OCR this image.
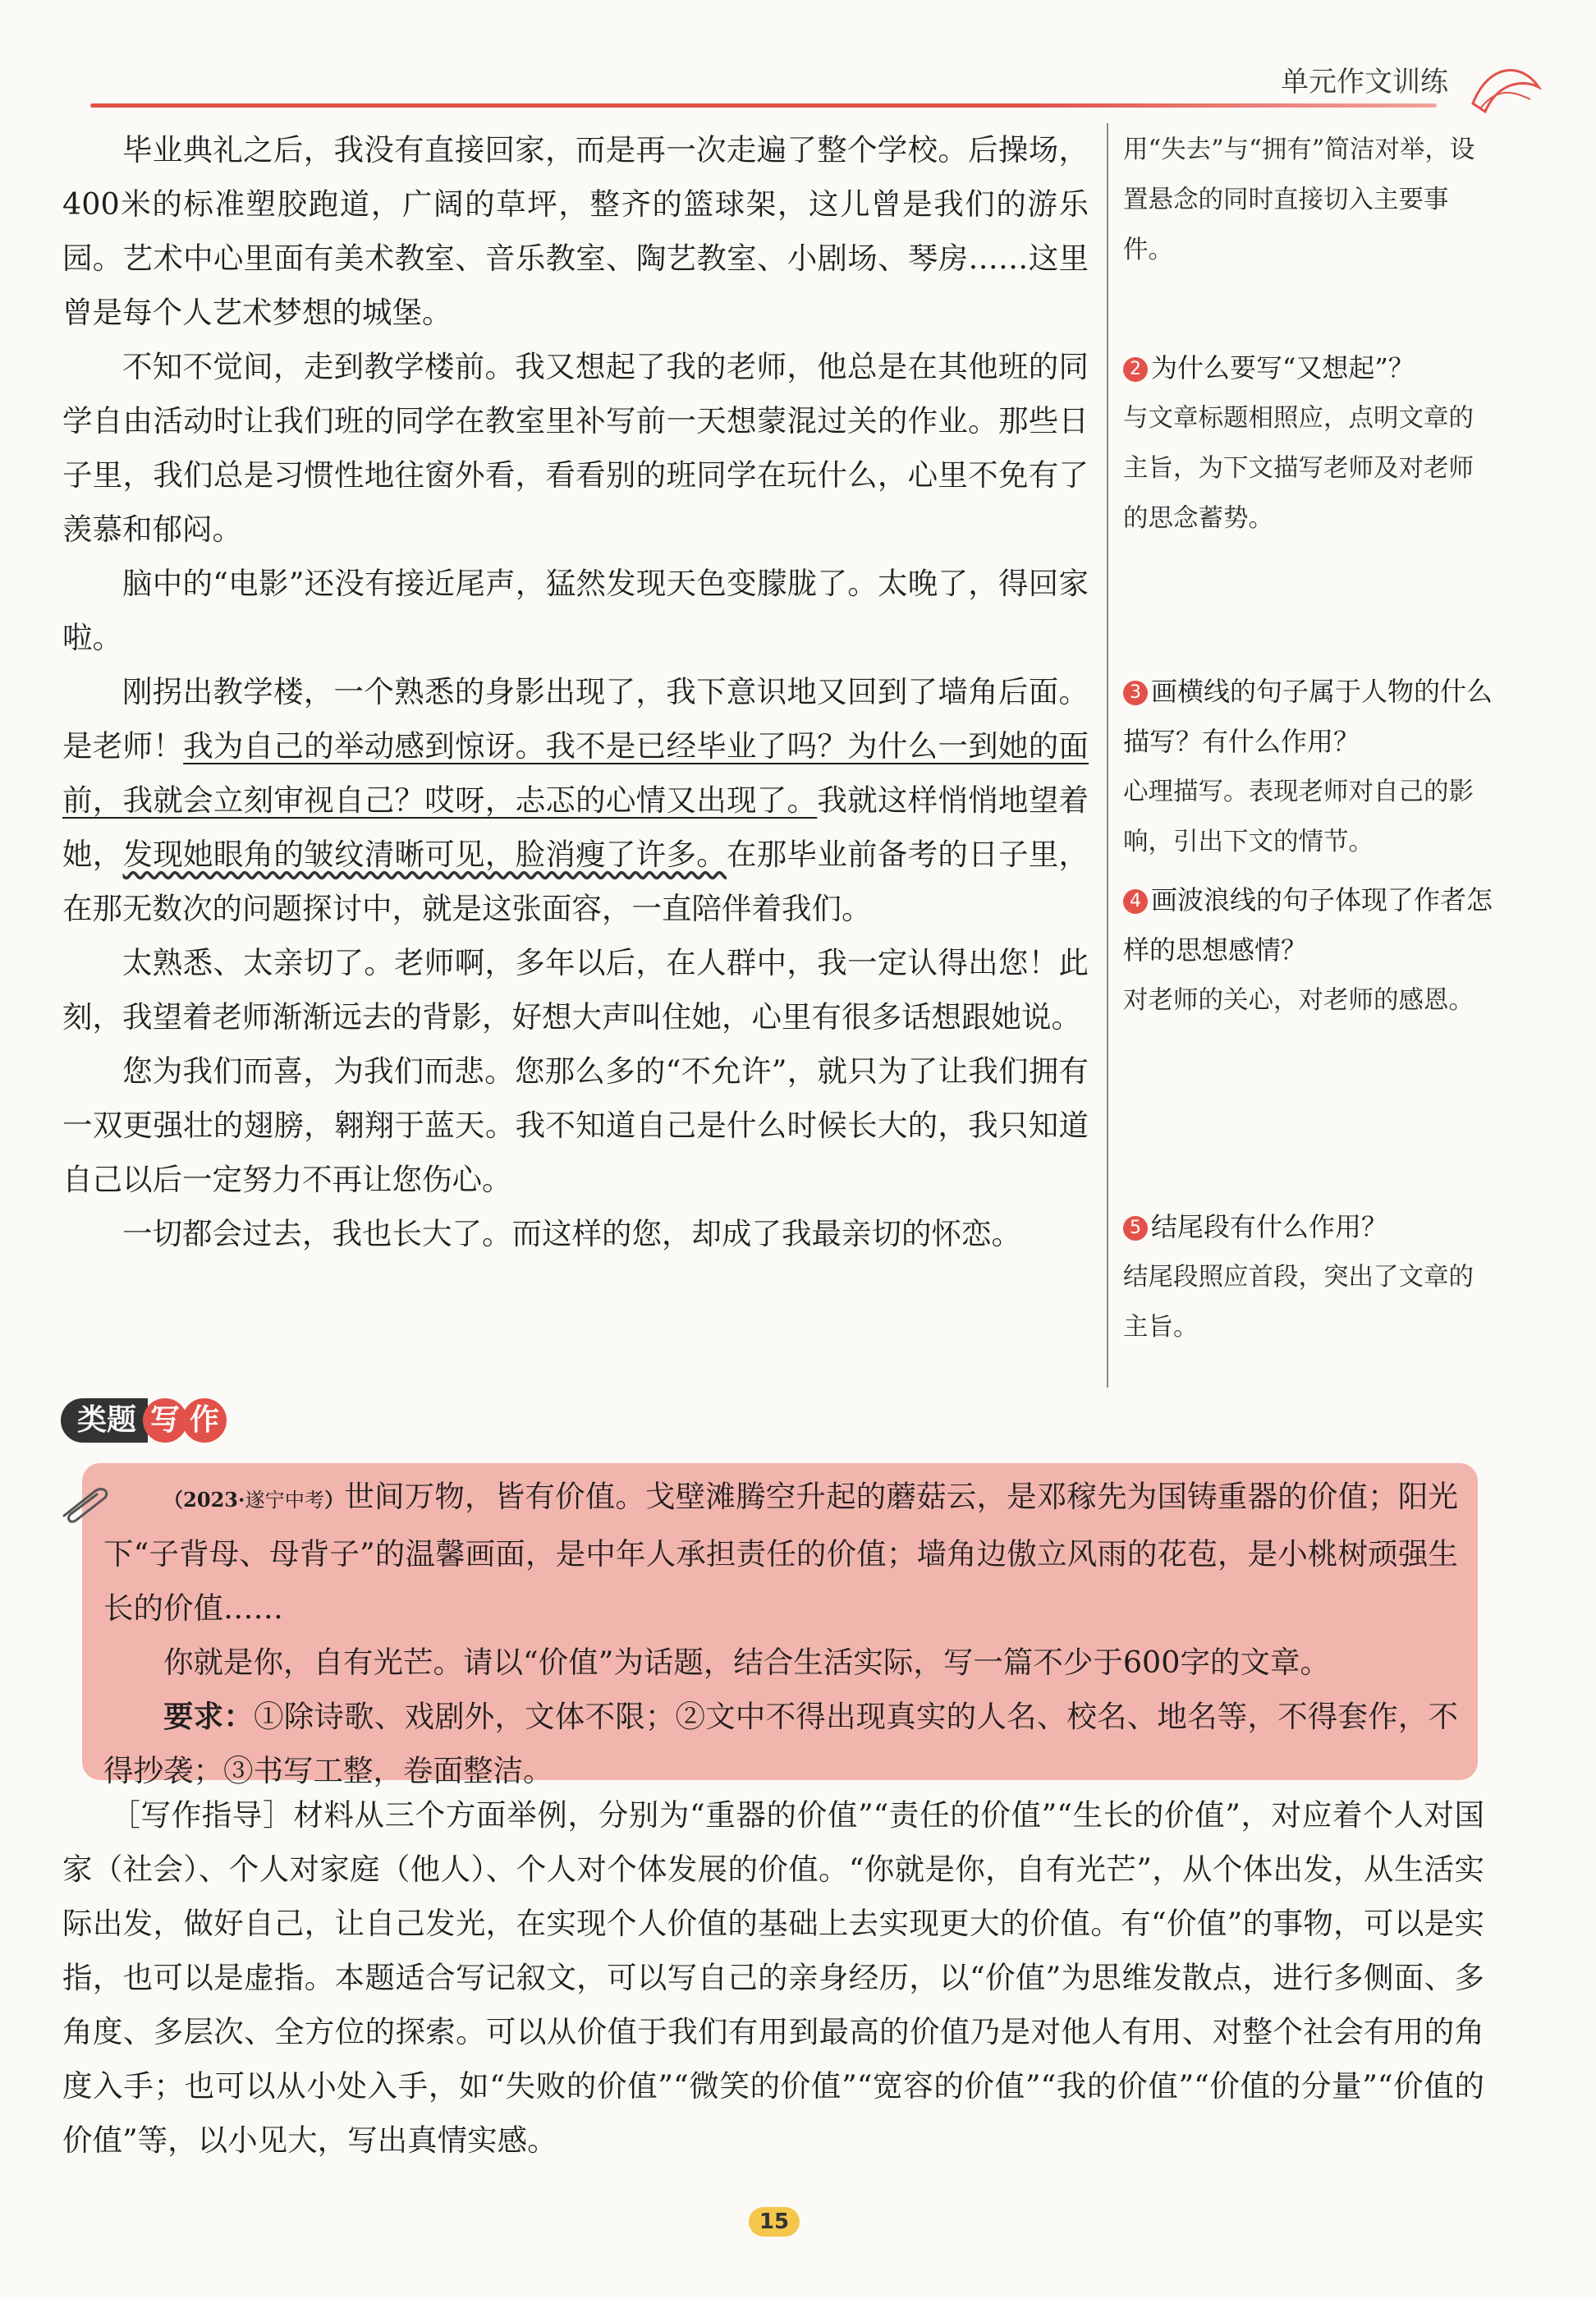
单元作文训练

毕业典礼之后，我没有直接回家，而是再一次走遍了整个学校。后操场，400米的标准塑胶跑道，广阔的草坪，整齐的篮球架，这儿曾是我们的游乐园。艺术中心里面有美术教室、音乐教室、陶艺教室、小剧场、琴房……这里曾是每个人艺术梦想的城堡。

不知不觉间，走到教学楼前。我又想起了我的老师，他总是在其他班的同学自由活动时让我们班的同学在教室里补写前一天想蒙混过关的作业。那些日子里，我们总是习惯性地往窗外看，看看别的班同学在玩什么，心里不免有了羡慕和郁闷。

脑中的“电影”还没有接近尾声，猛然发现天色变朦胧了。太晚了，得回家啦。

刚拐出教学楼，一个熟悉的身影出现了，我下意识地又回到了墙角后面。是老师！我为自己的举动感到惊讶。我不是已经毕业了吗？为什么一到她的面前，我就会立刻审视自己？哎呀，忐忑的心情又出现了。我就这样悄悄地望着她，发现她眼角的皱纹清晰可见，脸消瘦了许多。在那毕业前备考的日子里，在那无数次的问题探讨中，就是这张面容，一直陪伴着我们。

太熟悉、太亲切了。老师啊，多年以后，在人群中，我一定认得出您！此刻，我望着老师渐渐远去的背影，好想大声叫住她，心里有很多话想跟她说。

您为我们而喜，为我们而悲。您那么多的“不允许”，就只为了让我们拥有一双更强壮的翅膀，翱翔于蓝天。我不知道自己是什么时候长大的，我只知道自己以后一定努力不再让您伤心。

一切都会过去，我也长大了。而这样的您，却成了我最亲切的怀恋。

用“失去”与“拥有”简洁对举，设置悬念的同时直接切入主要事件。

2 为什么要写“又想起”？

与文章标题相照应，点明文章的主旨，为下文描写老师及对老师的思念蓄势。

3 画横线的句子属于人物的什么描写？有什么作用？

心理描写。表现老师对自己的影响，引出下文的情节。

4 画波浪线的句子体现了作者怎样的思想感情？

对老师的关心，对老师的感恩。

5 结尾段有什么作用？

结尾段照应首段，突出了文章的主旨。

类题 写 作

（2023·遂宁中考）世间万物，皆有价值。戈壁滩腾空升起的蘑菇云，是邓稼先为国铸重器的价值；阳光下“子背母、母背子”的温馨画面，是中年人承担责任的价值；墙角边傲立风雨的花苞，是小桃树顽强生长的价值……

你就是你，自有光芒。请以“价值”为话题，结合生活实际，写一篇不少于600字的文章。

要求：①除诗歌、戏剧外，文体不限；②文中不得出现真实的人名、校名、地名等，不得套作，不得抄袭；③书写工整，卷面整洁。

［写作指导］材料从三个方面举例，分别为“重器的价值”“责任的价值”“生长的价值”，对应着个人对国家（社会）、个人对家庭（他人）、个人对个体发展的价值。“你就是你，自有光芒”，从个体出发，从生活实际出发，做好自己，让自己发光，在实现个人价值的基础上去实现更大的价值。有“价值”的事物，可以是实指，也可以是虚指。本题适合写记叙文，可以写自己的亲身经历，以“价值”为思维发散点，进行多侧面、多角度、多层次、全方位的探索。可以从价值于我们有用到最高的价值乃是对他人有用、对整个社会有用的角度入手；也可以从小处入手，如“失败的价值”“微笑的价值”“宽容的价值”“我的价值”“价值的分量”“价值的价值”等，以小见大，写出真情实感。

15
